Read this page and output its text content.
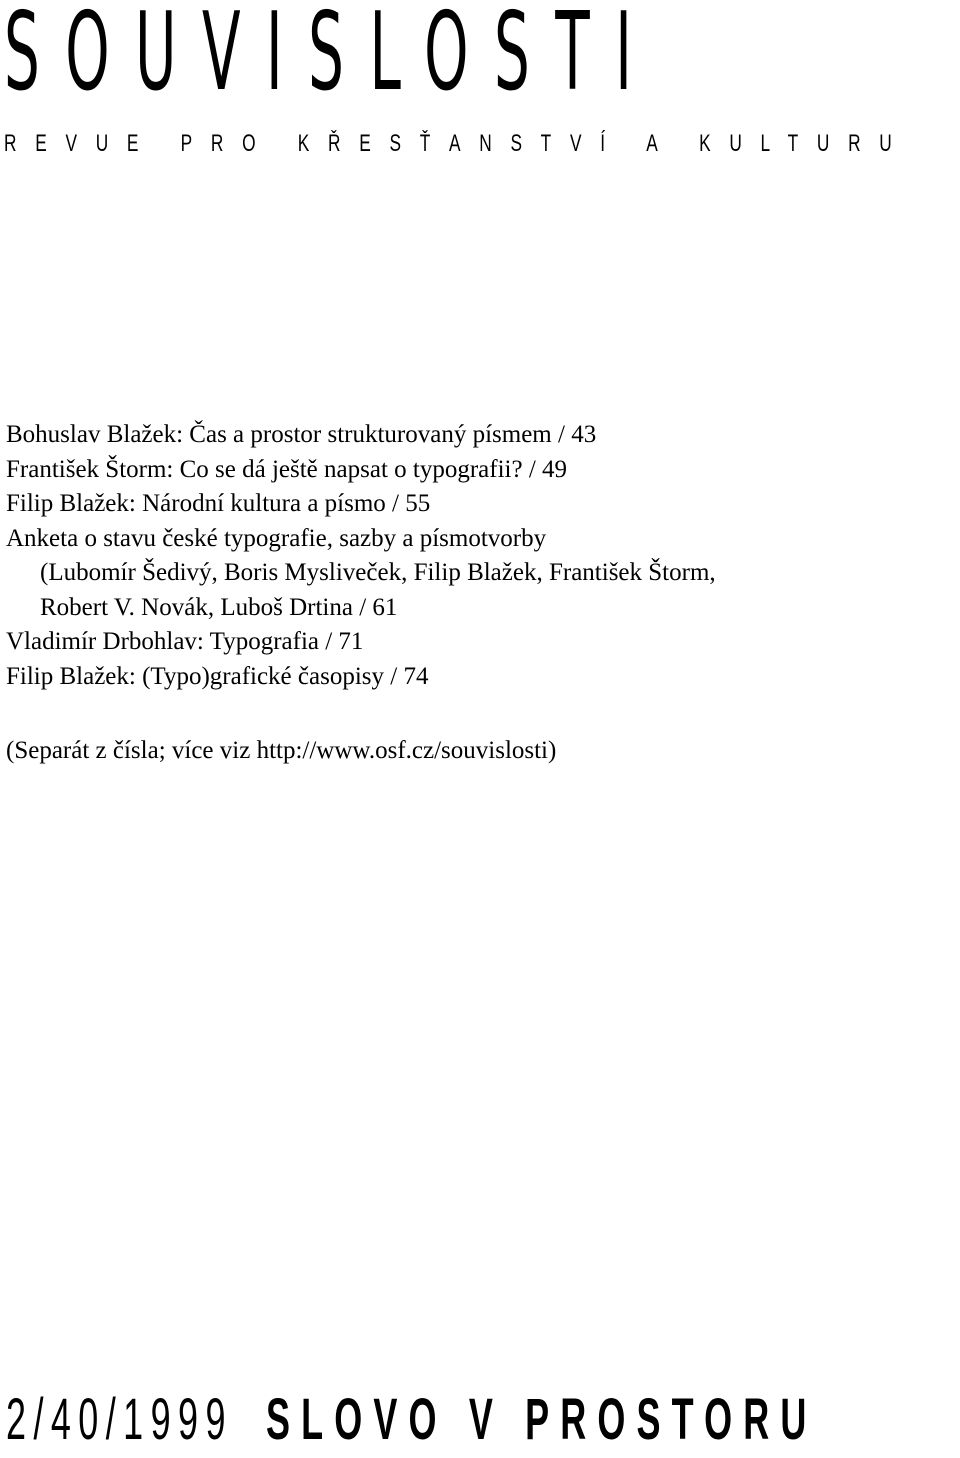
SOUVISLOSTI
REVUE PRO KŘESŤANSTVÍ A KULTURU
Bohuslav Blažek: Čas a prostor strukturovaný písmem / 43
František Štorm: Co se dá ještě napsat o typografii? / 49
Filip Blažek: Národní kultura a písmo / 55
Anketa o stavu české typografie, sazby a písmotvorby
(Lubomír Šedivý, Boris Mysliveček, Filip Blažek, František Štorm,
Robert V. Novák, Luboš Drtina / 61
Vladimír Drbohlav: Typografia / 71
Filip Blažek: (Typo)grafické časopisy / 74
(Separát z čísla; více viz http://www.osf.cz/souvislosti)
2/40/1999 SLOVO V PROSTORU
